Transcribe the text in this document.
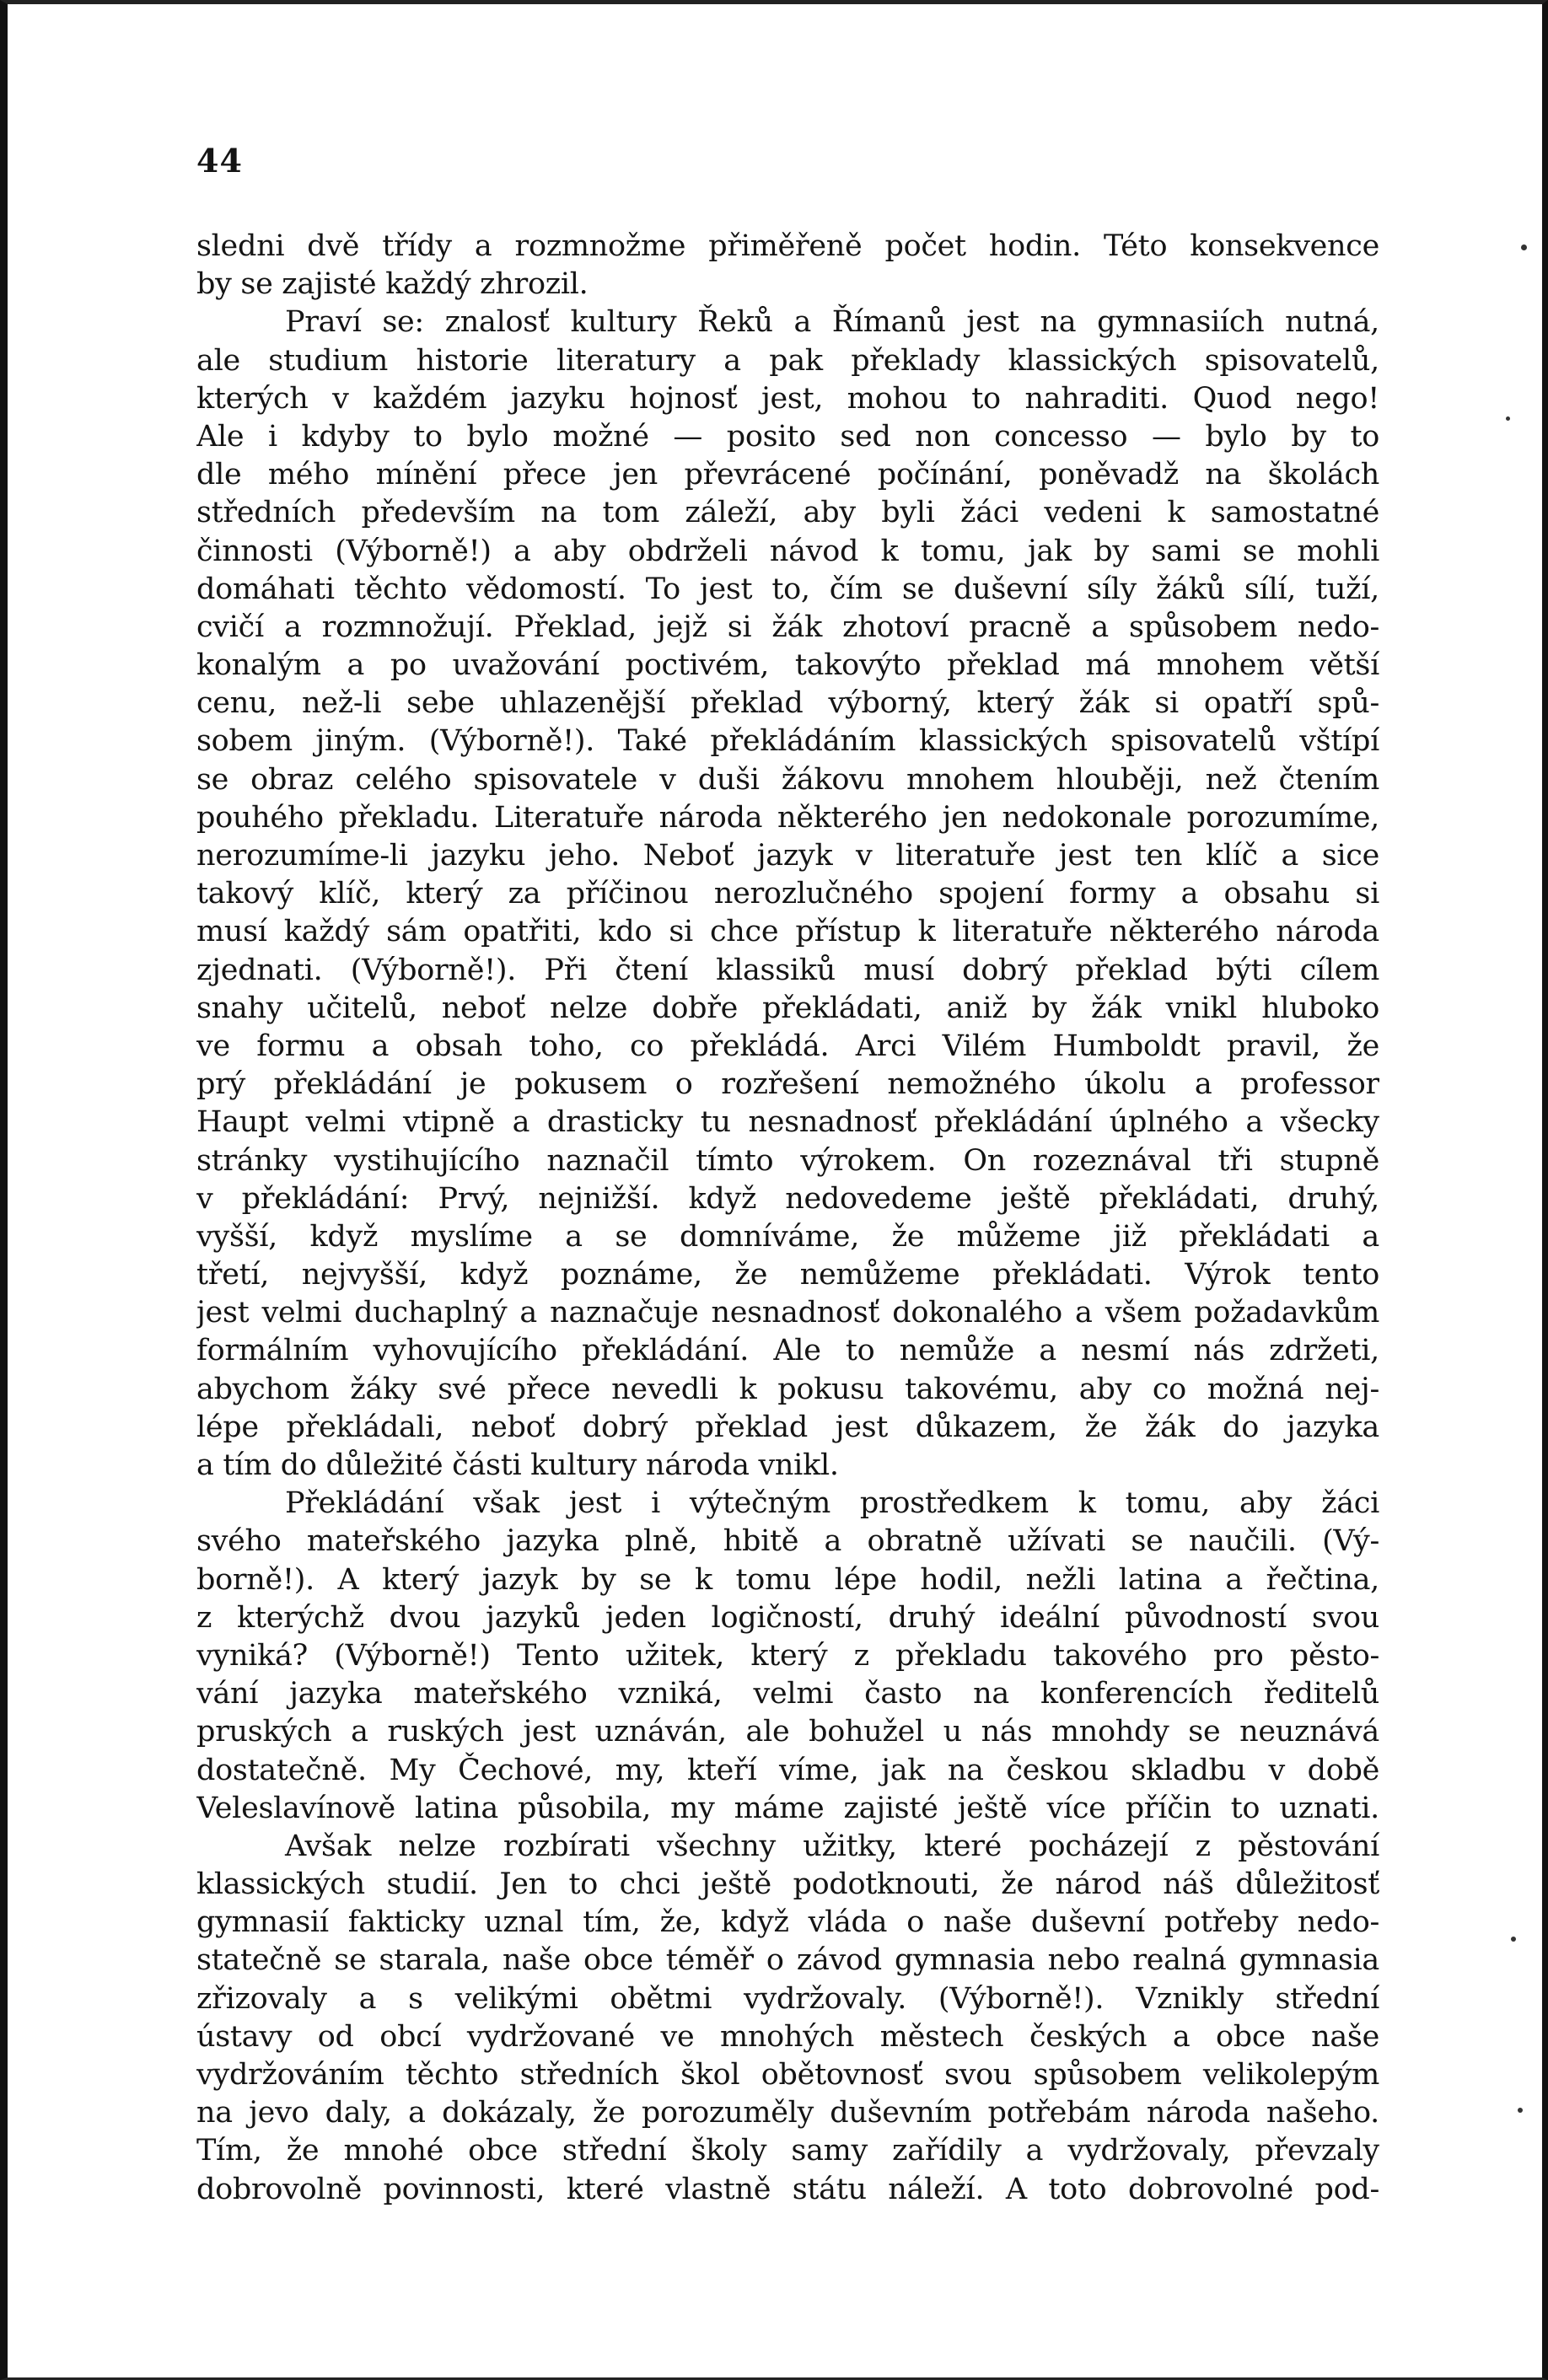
44
sledni dvě třídy a rozmnožme přiměřeně počet hodin. Této konsekvence
by se zajisté každý zhrozil.
Praví se: znalosť kultury Řeků a Římanů jest na gymnasiích nutná,
ale studium historie literatury a pak překlady klassických spisovatelů,
kterých v každém jazyku hojnosť jest, mohou to nahraditi. Quod nego!
Ale i kdyby to bylo možné — posito sed non concesso — bylo by to
dle mého mínění přece jen převrácené počínání, poněvadž na školách
středních především na tom záleží, aby byli žáci vedeni k samostatné
činnosti (Výborně!) a aby obdrželi návod k tomu, jak by sami se mohli
domáhati těchto vědomostí. To jest to, čím se duševní síly žáků sílí, tuží,
cvičí a rozmnožují. Překlad, jejž si žák zhotoví pracně a spůsobem nedo-
konalým a po uvažování poctivém, takovýto překlad má mnohem větší
cenu, než-li sebe uhlazenější překlad výborný, který žák si opatří spů-
sobem jiným. (Výborně!). Také překládáním klassických spisovatelů vštípí
se obraz celého spisovatele v duši žákovu mnohem hlouběji, než čtením
pouhého překladu. Literatuře národa některého jen nedokonale porozumíme,
nerozumíme-li jazyku jeho. Neboť jazyk v literatuře jest ten klíč a sice
takový klíč, který za příčinou nerozlučného spojení formy a obsahu si
musí každý sám opatřiti, kdo si chce přístup k literatuře některého národa
zjednati. (Výborně!). Při čtení klassiků musí dobrý překlad býti cílem
snahy učitelů, neboť nelze dobře překládati, aniž by žák vnikl hluboko
ve formu a obsah toho, co překládá. Arci Vilém Humboldt pravil, že
prý překládání je pokusem o rozřešení nemožného úkolu a professor
Haupt velmi vtipně a drasticky tu nesnadnosť překládání úplného a všecky
stránky vystihujícího naznačil tímto výrokem. On rozeznával tři stupně
v překládání: Prvý, nejnižší. když nedovedeme ještě překládati, druhý,
vyšší, když myslíme a se domníváme, že můžeme již překládati a
třetí, nejvyšší, když poznáme, že nemůžeme překládati. Výrok tento
jest velmi duchaplný a naznačuje nesnadnosť dokonalého a všem požadavkům
formálním vyhovujícího překládání. Ale to nemůže a nesmí nás zdržeti,
abychom žáky své přece nevedli k pokusu takovému, aby co možná nej-
lépe překládali, neboť dobrý překlad jest důkazem, že žák do jazyka
a tím do důležité části kultury národa vnikl.
Překládání však jest i výtečným prostředkem k tomu, aby žáci
svého mateřského jazyka plně, hbitě a obratně užívati se naučili. (Vý-
borně!). A který jazyk by se k tomu lépe hodil, nežli latina a řečtina,
z kterýchž dvou jazyků jeden logičností, druhý ideální původností svou
vyniká? (Výborně!) Tento užitek, který z překladu takového pro pěsto-
vání jazyka mateřského vzniká, velmi často na konferencích ředitelů
pruských a ruských jest uznáván, ale bohužel u nás mnohdy se neuznává
dostatečně. My Čechové, my, kteří víme, jak na českou skladbu v době
Veleslavínově latina působila, my máme zajisté ještě více příčin to uznati.
Avšak nelze rozbírati všechny užitky, které pocházejí z pěstování
klassických studií. Jen to chci ještě podotknouti, že národ náš důležitosť
gymnasií fakticky uznal tím, že, když vláda o naše duševní potřeby nedo-
statečně se starala, naše obce téměř o závod gymnasia nebo realná gymnasia
zřizovaly a s velikými obětmi vydržovaly. (Výborně!). Vznikly střední
ústavy od obcí vydržované ve mnohých městech českých a obce naše
vydržováním těchto středních škol obětovnosť svou spůsobem velikolepým
na jevo daly, a dokázaly, že porozuměly duševním potřebám národa našeho.
Tím, že mnohé obce střední školy samy zařídily a vydržovaly, převzaly
dobrovolně povinnosti, které vlastně státu náleží. A toto dobrovolné pod-
